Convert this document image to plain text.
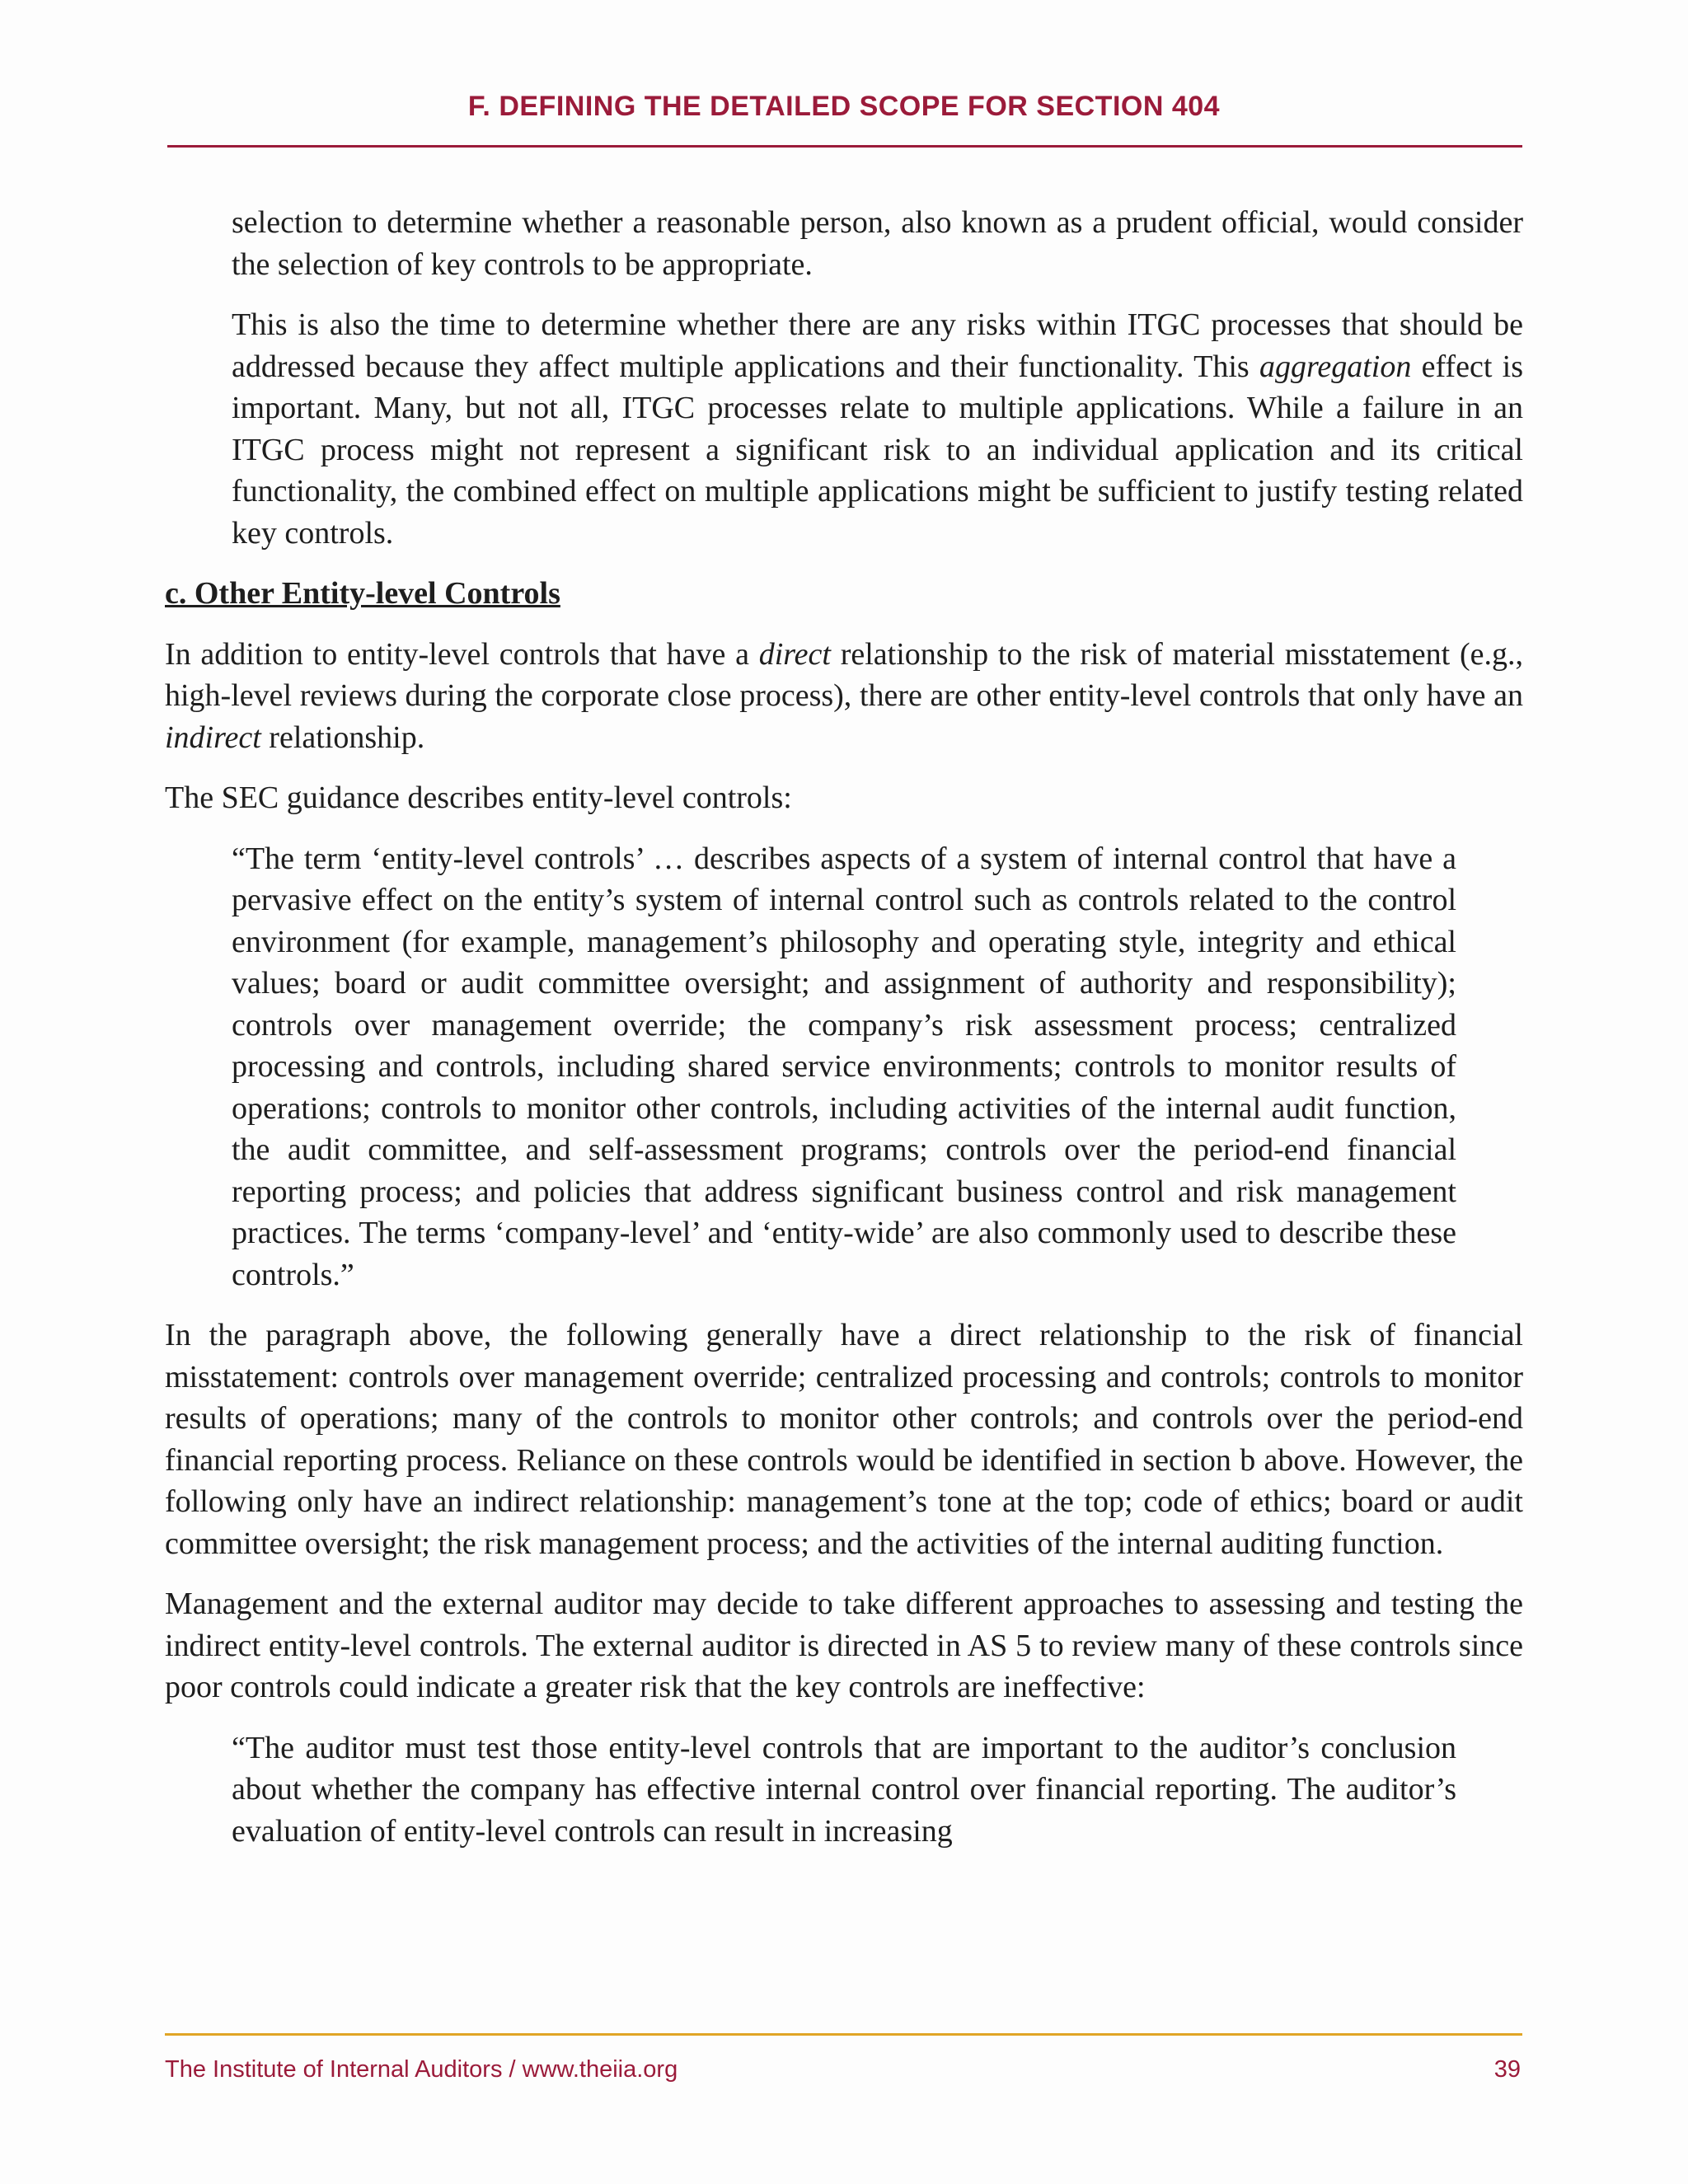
F. DEFINING THE DETAILED SCOPE FOR SECTION 404

selection to determine whether a reasonable person, also known as a prudent official, would consider the selection of key controls to be appropriate.

This is also the time to determine whether there are any risks within ITGC processes that should be addressed because they affect multiple applications and their functionality. This aggregation effect is important. Many, but not all, ITGC processes relate to multiple applications. While a failure in an ITGC process might not represent a significant risk to an individual application and its critical functionality, the combined effect on multiple applications might be sufficient to justify testing related key controls.

c. Other Entity-level Controls

In addition to entity-level controls that have a direct relationship to the risk of material misstatement (e.g., high-level reviews during the corporate close process), there are other entity-level controls that only have an indirect relationship.

The SEC guidance describes entity-level controls:

“The term ‘entity-level controls’ … describes aspects of a system of internal control that have a pervasive effect on the entity’s system of internal control such as controls related to the control environment (for example, management’s philosophy and operating style, integrity and ethical values; board or audit committee oversight; and assignment of authority and responsibility); controls over management override; the company’s risk assessment process; centralized processing and controls, including shared service environments; controls to monitor results of operations; controls to monitor other controls, including activities of the internal audit function, the audit committee, and self-assessment programs; controls over the period-end financial reporting process; and policies that address significant business control and risk management practices. The terms ‘company-level’ and ‘entity-wide’ are also commonly used to describe these controls.”

In the paragraph above, the following generally have a direct relationship to the risk of financial misstatement: controls over management override; centralized processing and controls; controls to monitor results of operations; many of the controls to monitor other controls; and controls over the period-end financial reporting process. Reliance on these controls would be identified in section b above. However, the following only have an indirect relationship: management’s tone at the top; code of ethics; board or audit committee oversight; the risk management process; and the activities of the internal auditing function.

Management and the external auditor may decide to take different approaches to assessing and testing the indirect entity-level controls. The external auditor is directed in AS 5 to review many of these controls since poor controls could indicate a greater risk that the key controls are ineffective:

“The auditor must test those entity-level controls that are important to the auditor’s conclusion about whether the company has effective internal control over financial reporting. The auditor’s evaluation of entity-level controls can result in increasing

The Institute of Internal Auditors / www.theiia.org	39
